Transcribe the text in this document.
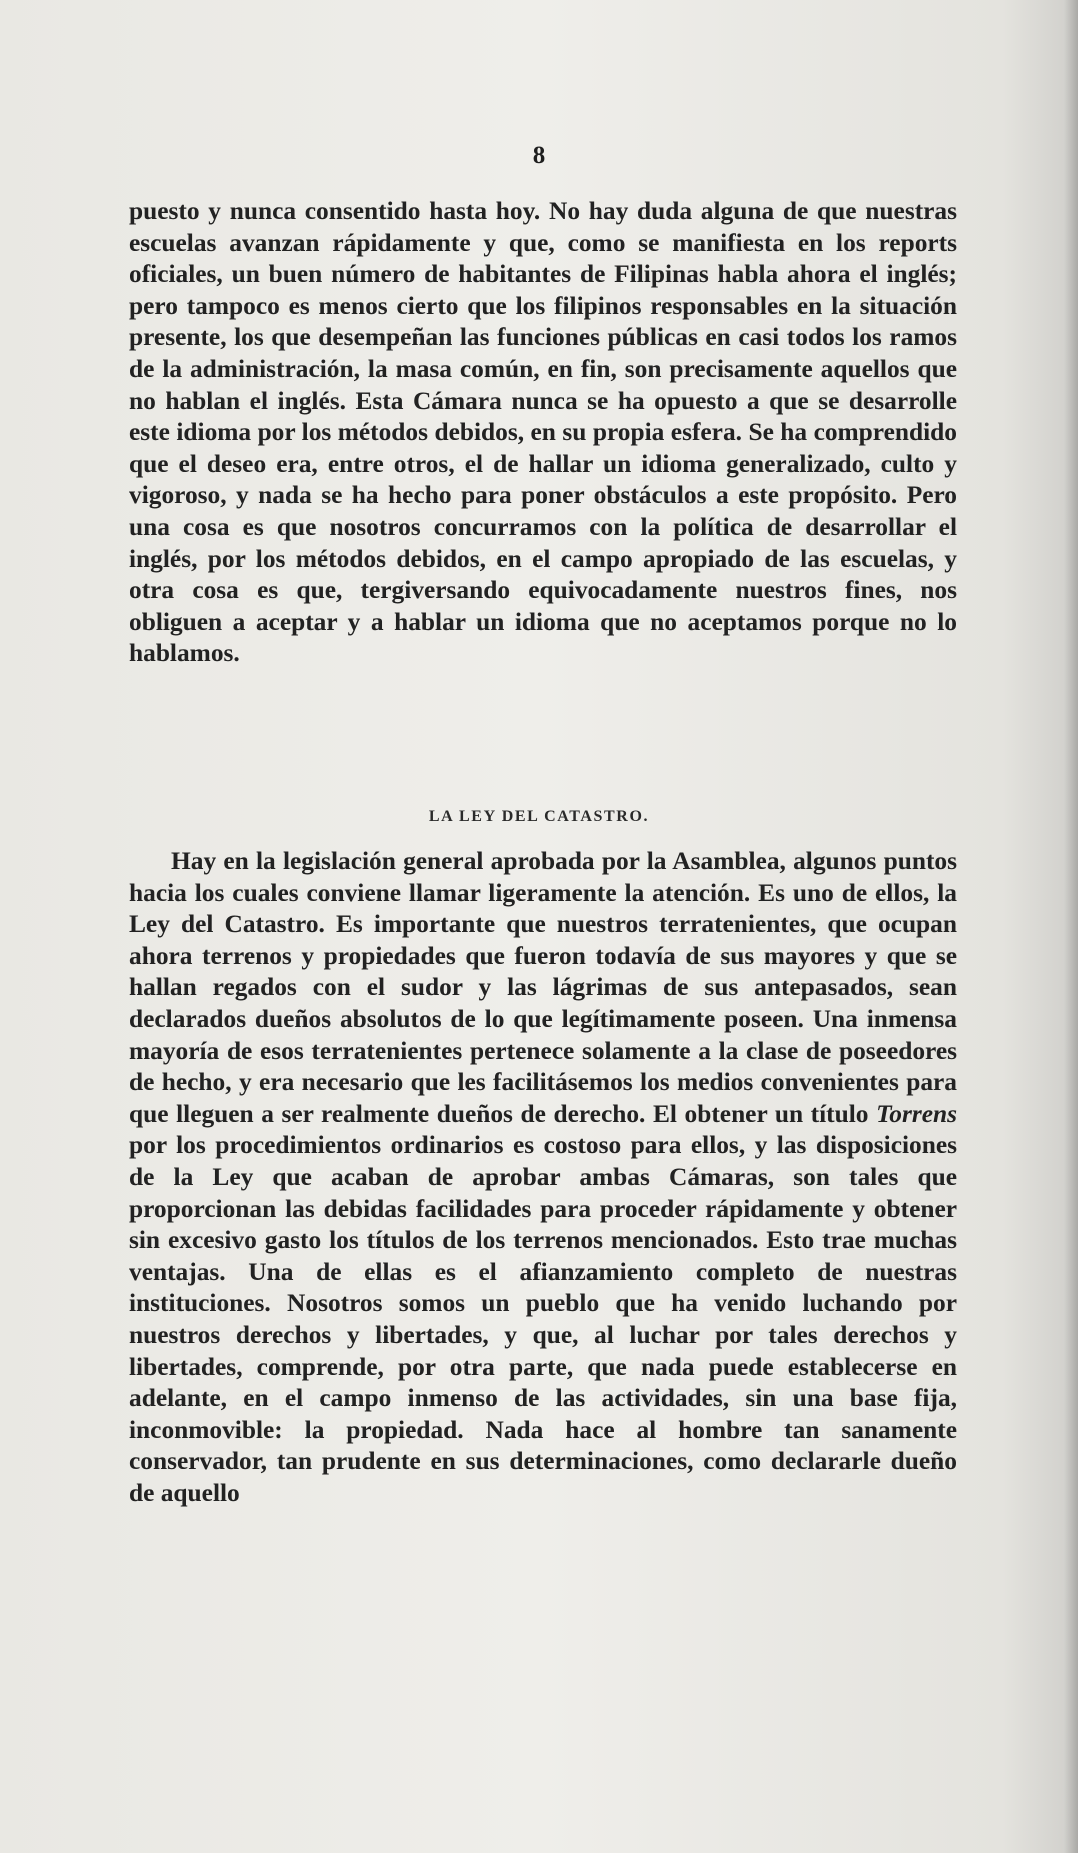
8

puesto y nunca consentido hasta hoy. No hay duda alguna de que nuestras escuelas avanzan rápidamente y que, como se manifiesta en los reports oficiales, un buen número de habitantes de Filipinas habla ahora el inglés; pero tampoco es menos cierto que los filipinos responsables en la situación presente, los que desempeñan las funciones públicas en casi todos los ramos de la administración, la masa común, en fin, son precisamente aquellos que no hablan el inglés. Esta Cámara nunca se ha opuesto a que se desarrolle este idioma por los métodos debidos, en su propia esfera. Se ha comprendido que el deseo era, entre otros, el de hallar un idioma generalizado, culto y vigoroso, y nada se ha hecho para poner obstáculos a este propósito. Pero una cosa es que nosotros concurramos con la política de desarrollar el inglés, por los métodos debidos, en el campo apropiado de las escuelas, y otra cosa es que, tergiversando equivocadamente nuestros fines, nos obliguen a aceptar y a hablar un idioma que no aceptamos porque no lo hablamos.

LA LEY DEL CATASTRO.

Hay en la legislación general aprobada por la Asamblea, algunos puntos hacia los cuales conviene llamar ligeramente la atención. Es uno de ellos, la Ley del Catastro. Es importante que nuestros terratenientes, que ocupan ahora terrenos y propiedades que fueron todavía de sus mayores y que se hallan regados con el sudor y las lágrimas de sus antepasados, sean declarados dueños absolutos de lo que legítimamente poseen. Una inmensa mayoría de esos terratenientes pertenece solamente a la clase de poseedores de hecho, y era necesario que les facilitásemos los medios convenientes para que lleguen a ser realmente dueños de derecho. El obtener un título Torrens por los procedimientos ordinarios es costoso para ellos, y las disposiciones de la Ley que acaban de aprobar ambas Cámaras, son tales que proporcionan las debidas facilidades para proceder rápidamente y obtener sin excesivo gasto los títulos de los terrenos mencionados. Esto trae muchas ventajas. Una de ellas es el afianzamiento completo de nuestras instituciones. Nosotros somos un pueblo que ha venido luchando por nuestros derechos y libertades, y que, al luchar por tales derechos y libertades, comprende, por otra parte, que nada puede establecerse en adelante, en el campo inmenso de las actividades, sin una base fija, inconmovible: la propiedad. Nada hace al hombre tan sanamente conservador, tan prudente en sus determinaciones, como declararle dueño de aquello
